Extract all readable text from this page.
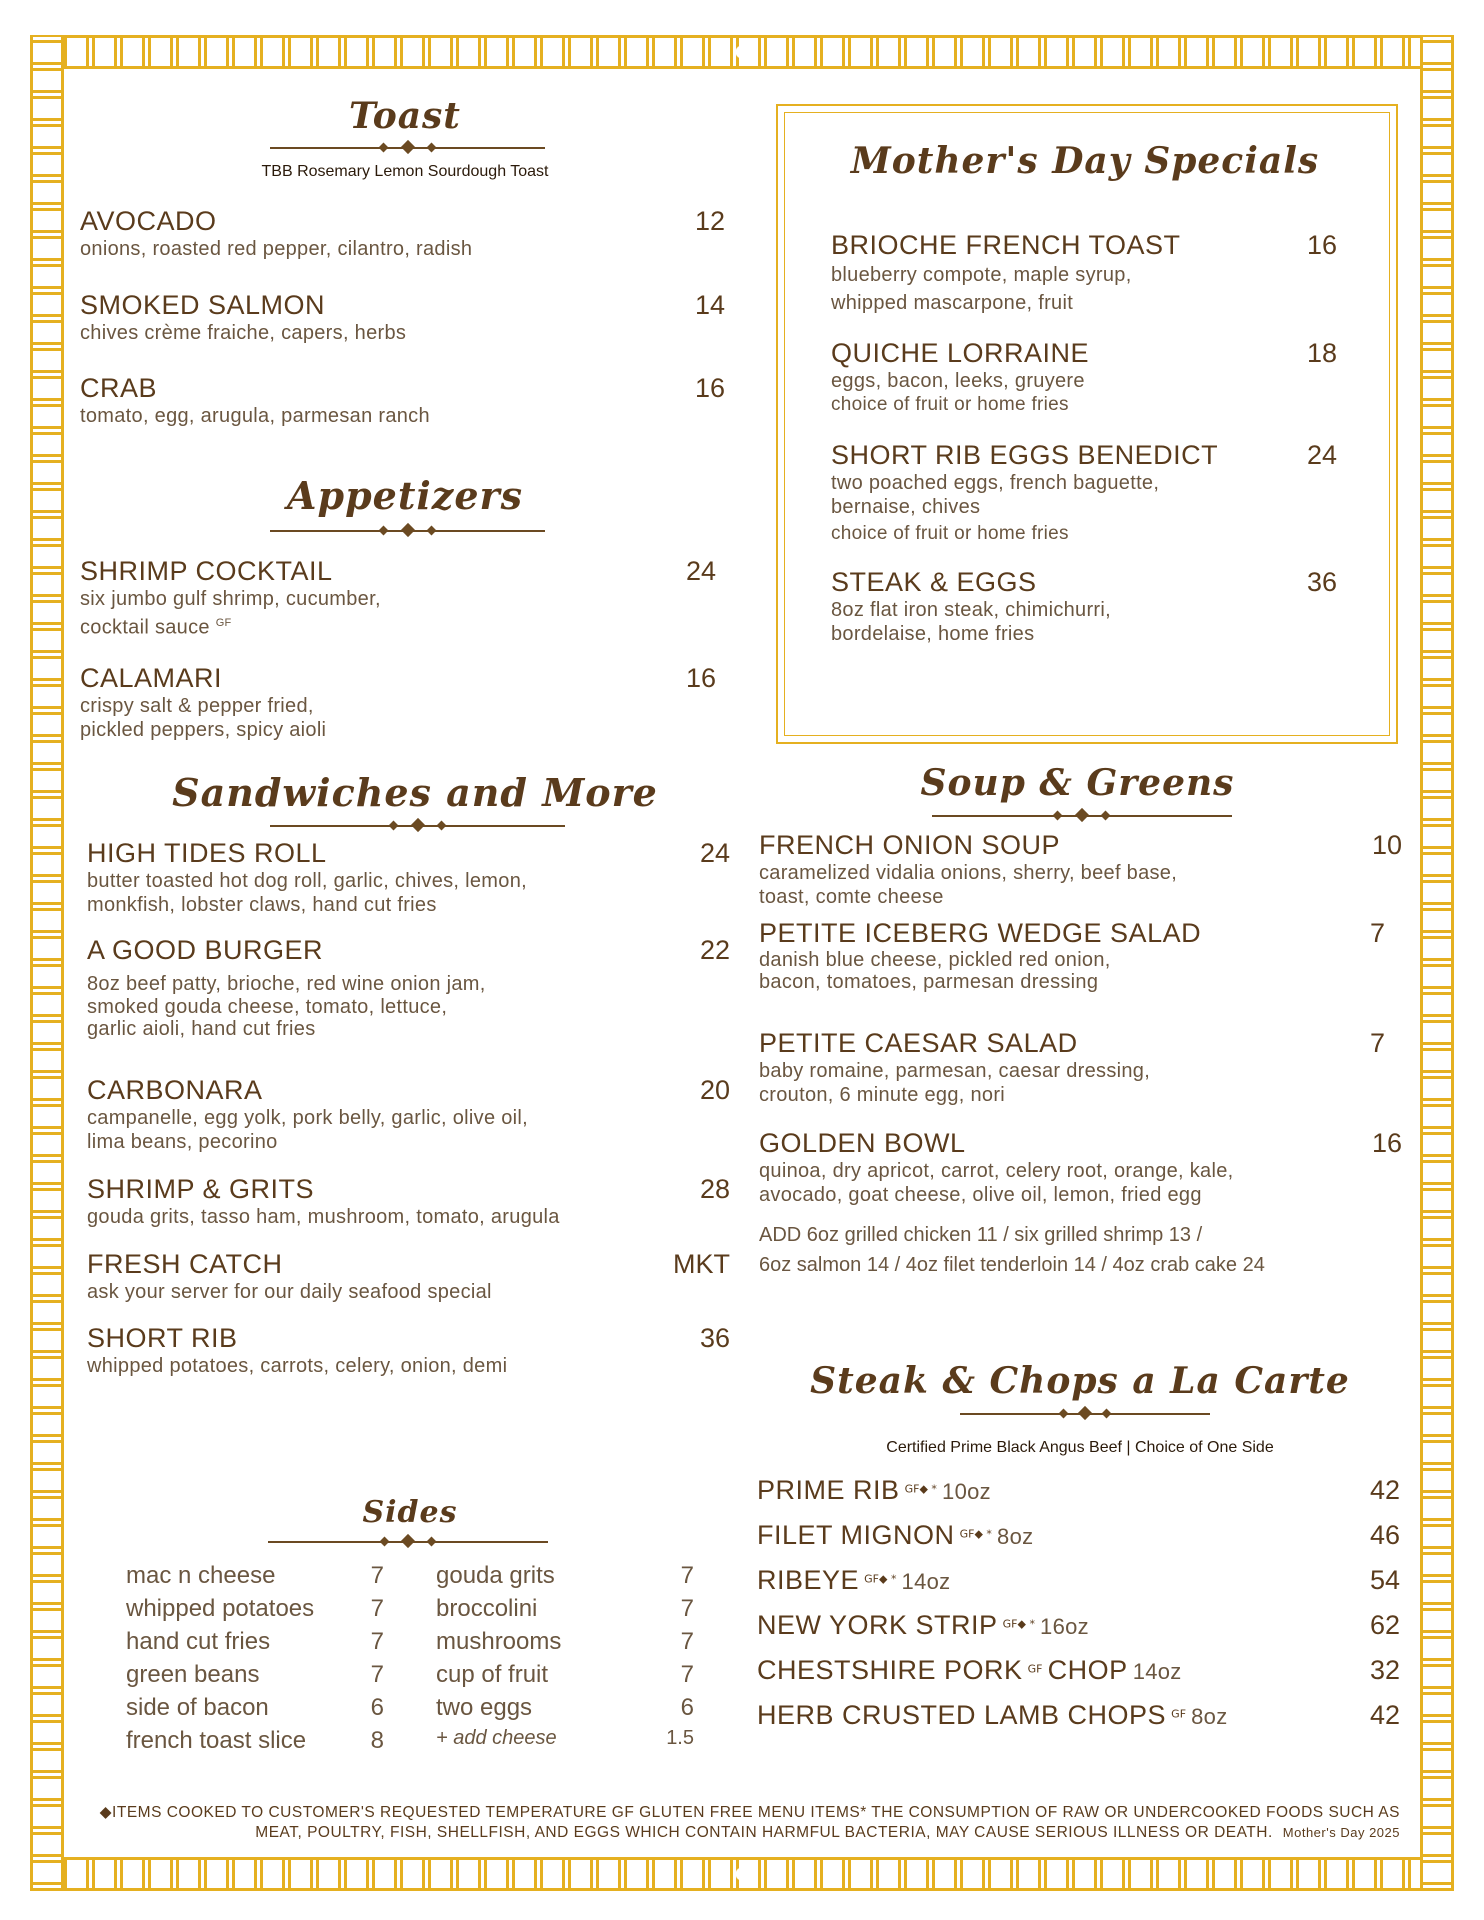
Toast
TBB Rosemary Lemon Sourdough Toast
AVOCADO	12
onions, roasted red pepper, cilantro, radish
SMOKED SALMON	14
chives crème fraiche, capers, herbs
CRAB	16
tomato, egg, arugula, parmesan ranch
Appetizers
SHRIMP COCKTAIL	24
six jumbo gulf shrimp, cucumber,
cocktail sauce $^{GF}$
CALAMARI	16
crispy salt & pepper fried,
pickled peppers, spicy aioli
Sandwiches and More
HIGH TIDES ROLL	24
butter toasted hot dog roll, garlic, chives, lemon,
monkfish, lobster claws, hand cut fries
A GOOD BURGER	22
8oz beef patty, brioche, red wine onion jam,
smoked gouda cheese, tomato, lettuce,
garlic aioli, hand cut fries
CARBONARA	20
campanelle, egg yolk, pork belly, garlic, olive oil,
lima beans, pecorino
SHRIMP & GRITS	28
gouda grits, tasso ham, mushroom, tomato, arugula
FRESH CATCH	MKT
ask your server for our daily seafood special
SHORT RIB	36
whipped potatoes, carrots, celery, onion, demi
Sides
mac n cheese	7
whipped potatoes 7
hand cut fries	7
green beans	7
side of bacon	6
french toast slice	8
gouda grits	7
broccolini	7
mushrooms	7
cup of fruit	7
two eggs	6
+ add cheese	1.5
Mother's Day Specials
BRIOCHE FRENCH TOAST	16
blueberry compote, maple syrup,
whipped mascarpone, fruit
QUICHE LORRAINE	18
eggs, bacon, leeks, gruyere
choice of fruit or home fries
SHORT RIB EGGS BENEDICT	24
two poached eggs, french baguette,
bernaise, chives
choice of fruit or home fries
STEAK & EGGS	36
8oz flat iron steak, chimichurri,
bordelaise, home fries
Soup & Greens
FRENCH ONION SOUP	10
caramelized vidalia onions, sherry, beef base,
toast, comte cheese
PETITE ICEBERG WEDGE SALAD	7
danish blue cheese, pickled red onion,
bacon, tomatoes, parmesan dressing
PETITE CAESAR SALAD	7
baby romaine, parmesan, caesar dressing,
crouton, 6 minute egg, nori
GOLDEN BOWL	16
quinoa, dry apricot, carrot, celery root, orange, kale,
avocado, goat cheese, olive oil, lemon, fried egg
ADD 6oz grilled chicken 11 / six grilled shrimp 13 /
6oz salmon 14 / 4oz filet tenderloin 14 / 4oz crab cake 24
Steak & Chops a La Carte
Certified Prime Black Angus Beef | Choice of One Side
PRIME RIB $^{GF◆ *}$ 10oz	42
FILET MIGNON $^{GF◆ *}$ 8oz	46
RIBEYE $^{GF◆ *}$ 14oz	54
NEW YORK STRIP $^{GF◆ *}$ 16oz	62
CHESTSHIRE PORK $^{GF}$ CHOP 14oz	32
HERB CRUSTED LAMB CHOPS $^{GF}$ 8oz	42
◆ITEMS COOKED TO CUSTOMER'S REQUESTED TEMPERATURE GF GLUTEN FREE MENU ITEMS* THE CONSUMPTION OF RAW OR UNDERCOOKED FOODS SUCH AS
MEAT, POULTRY, FISH, SHELLFISH, AND EGGS WHICH CONTAIN HARMFUL BACTERIA, MAY CAUSE SERIOUS ILLNESS OR DEATH. Mother's Day 2025
